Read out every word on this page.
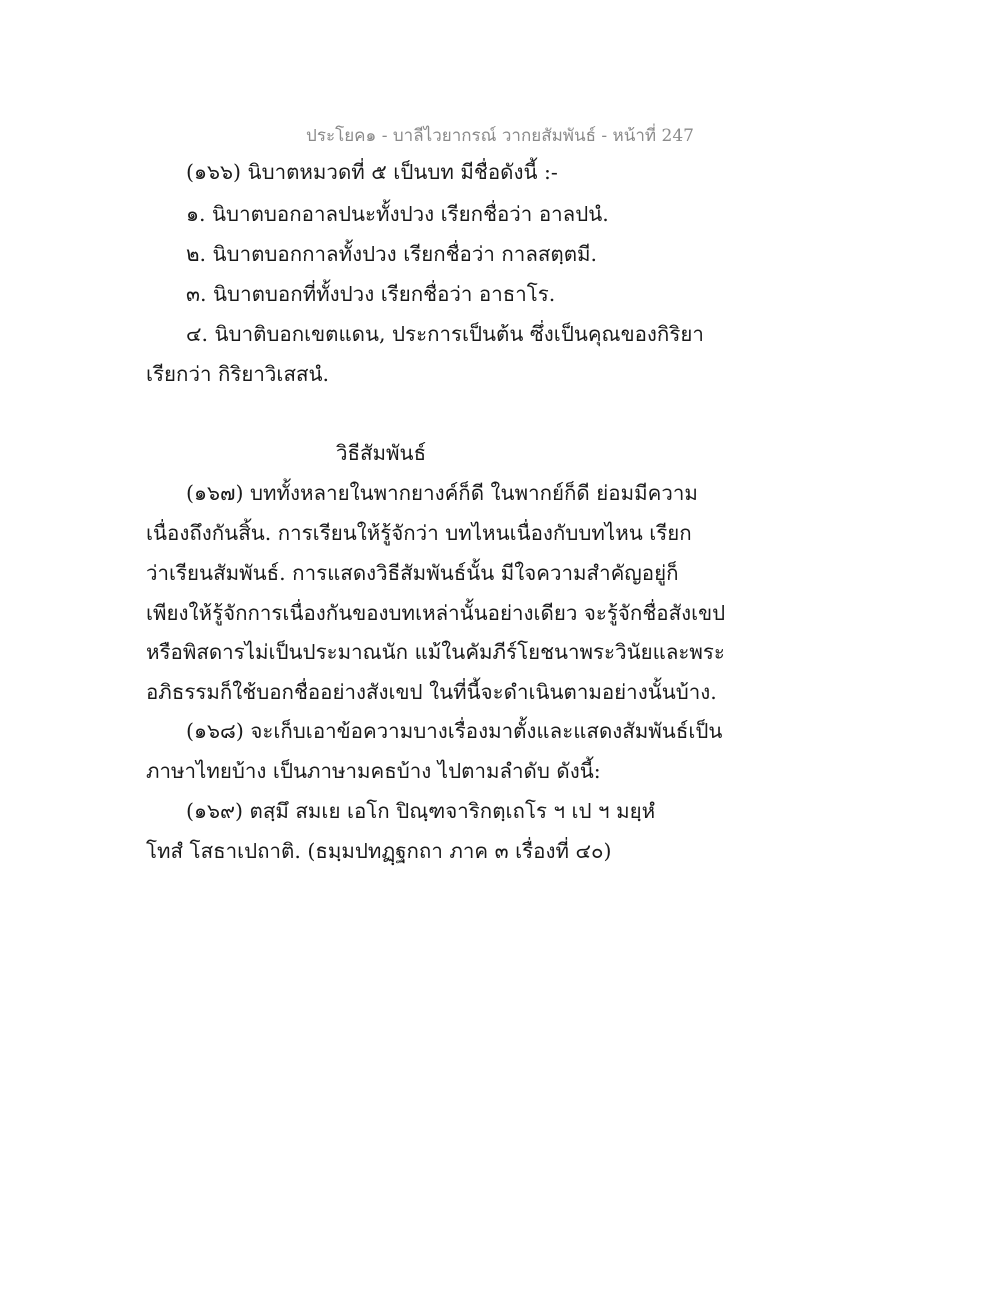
ประโยค๑ - บาลีไวยากรณ์ วากยสัมพันธ์ - หน้าที่ 247
(๑๖๖) นิบาตหมวดที่ ๕ เป็นบท มีชื่อดังนี้ :-
๑. นิบาตบอกอาลปนะทั้งปวง เรียกชื่อว่า อาลปนํ.
๒. นิบาตบอกกาลทั้งปวง เรียกชื่อว่า กาลสตฺตมี.
๓. นิบาตบอกที่ทั้งปวง เรียกชื่อว่า อาธาโร.
๔. นิบาติบอกเขตแดน, ประการเป็นต้น ซึ่งเป็นคุณของกิริยา
เรียกว่า กิริยาวิเสสนํ.
วิธีสัมพันธ์
(๑๖๗) บททั้งหลายในพากยางค์ก็ดี ในพากย์ก็ดี ย่อมมีความ
เนื่องถึงกันสิ้น. การเรียนให้รู้จักว่า บทไหนเนื่องกับบทไหน เรียก
ว่าเรียนสัมพันธ์. การแสดงวิธีสัมพันธ์นั้น มีใจความสำคัญอยู่ก็
เพียงให้รู้จักการเนื่องกันของบทเหล่านั้นอย่างเดียว จะรู้จักชื่อสังเขป
หรือพิสดารไม่เป็นประมาณนัก แม้ในคัมภีร์โยชนาพระวินัยและพระ
อภิธรรมก็ใช้บอกชื่ออย่างสังเขป ในที่นี้จะดำเนินตามอย่างนั้นบ้าง.
(๑๖๘) จะเก็บเอาข้อความบางเรื่องมาตั้งและแสดงสัมพันธ์เป็น
ภาษาไทยบ้าง เป็นภาษามคธบ้าง ไปตามลำดับ ดังนี้:
(๑๖๙) ตสฺมึ สมเย เอโก ปิณฺฑจาริกตฺเถโร ฯ เป ฯ มยฺหํ
โทสํ โสธาเปถาติ. (ธมฺมปทฏฺฐกถา ภาค ๓ เรื่องที่ ๔๐)
